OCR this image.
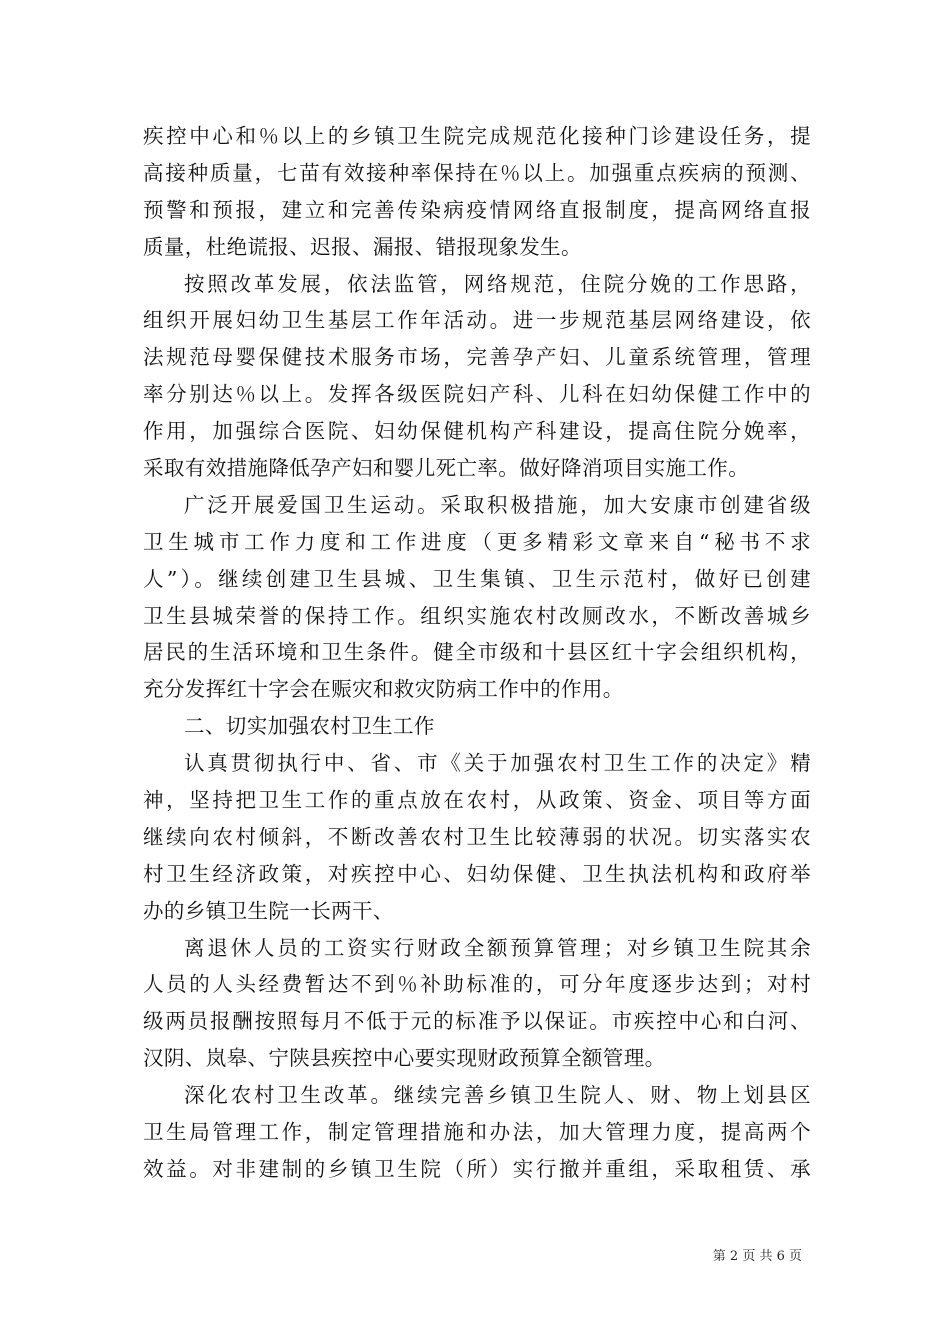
疾控中心和％以上的乡镇卫生院完成规范化接种门诊建设任务，提
高接种质量，七苗有效接种率保持在％以上。加强重点疾病的预测、
预警和预报，建立和完善传染病疫情网络直报制度，提高网络直报
质量，杜绝谎报、迟报、漏报、错报现象发生。
按照改革发展，依法监管，网络规范，住院分娩的工作思路，
组织开展妇幼卫生基层工作年活动。进一步规范基层网络建设，依
法规范母婴保健技术服务市场，完善孕产妇、儿童系统管理，管理
率分别达％以上。发挥各级医院妇产科、儿科在妇幼保健工作中的
作用，加强综合医院、妇幼保健机构产科建设，提高住院分娩率，
采取有效措施降低孕产妇和婴儿死亡率。做好降消项目实施工作。
广泛开展爱国卫生运动。采取积极措施，加大安康市创建省级
卫生城市工作力度和工作进度（更多精彩文章来自“秘书不求
人”）。继续创建卫生县城、卫生集镇、卫生示范村，做好已创建
卫生县城荣誉的保持工作。组织实施农村改厕改水，不断改善城乡
居民的生活环境和卫生条件。健全市级和十县区红十字会组织机构，
充分发挥红十字会在赈灾和救灾防病工作中的作用。
二、切实加强农村卫生工作
认真贯彻执行中、省、市《关于加强农村卫生工作的决定》精
神，坚持把卫生工作的重点放在农村，从政策、资金、项目等方面
继续向农村倾斜，不断改善农村卫生比较薄弱的状况。切实落实农
村卫生经济政策，对疾控中心、妇幼保健、卫生执法机构和政府举
办的乡镇卫生院一长两干、
离退休人员的工资实行财政全额预算管理；对乡镇卫生院其余
人员的人头经费暂达不到％补助标准的，可分年度逐步达到；对村
级两员报酬按照每月不低于元的标准予以保证。市疾控中心和白河、
汉阴、岚皋、宁陕县疾控中心要实现财政预算全额管理。
深化农村卫生改革。继续完善乡镇卫生院人、财、物上划县区
卫生局管理工作，制定管理措施和办法，加大管理力度，提高两个
效益。对非建制的乡镇卫生院（所）实行撤并重组，采取租赁、承
第 2 页 共 6 页
